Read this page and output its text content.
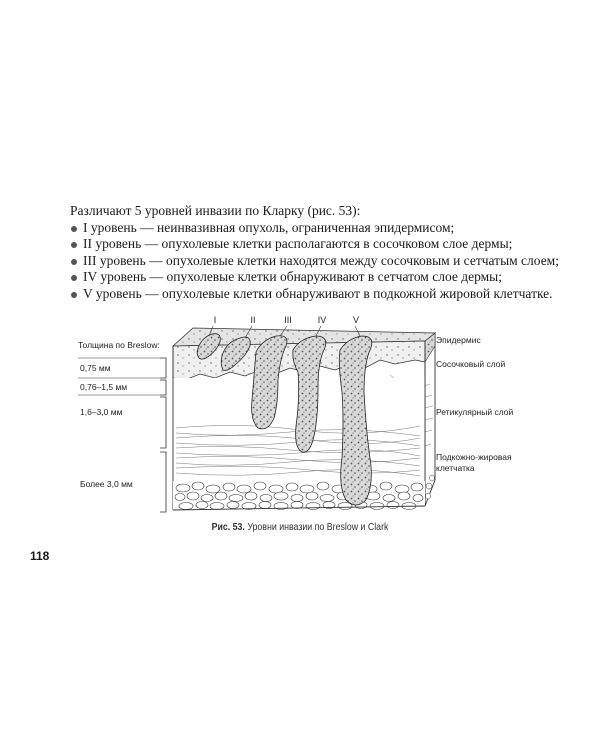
Различают 5 уровней инвазии по Кларку (рис. 53):

I уровень — неинвазивная опухоль, ограниченная эпидермисом;
II уровень — опухолевые клетки располагаются в сосочковом слое дермы;
III уровень — опухолевые клетки находятся между сосочковым и сетчатым слоем;
IV уровень — опухолевые клетки обнаруживают в сетчатом слое дермы;
V уровень — опухолевые клетки обнаруживают в подкожной жировой клетчатке.
I	II	III	IV	V
Толщина по Breslow:
0,75 мм
0,76–1,5 мм
1,6–3,0 мм
Более 3,0 мм
Эпидермис
Сосочковый слой
Ретикулярный слой
Подкожно-жировая
клетчатка
Рис. 53. Уровни инвазии по Breslow и Clark
118
